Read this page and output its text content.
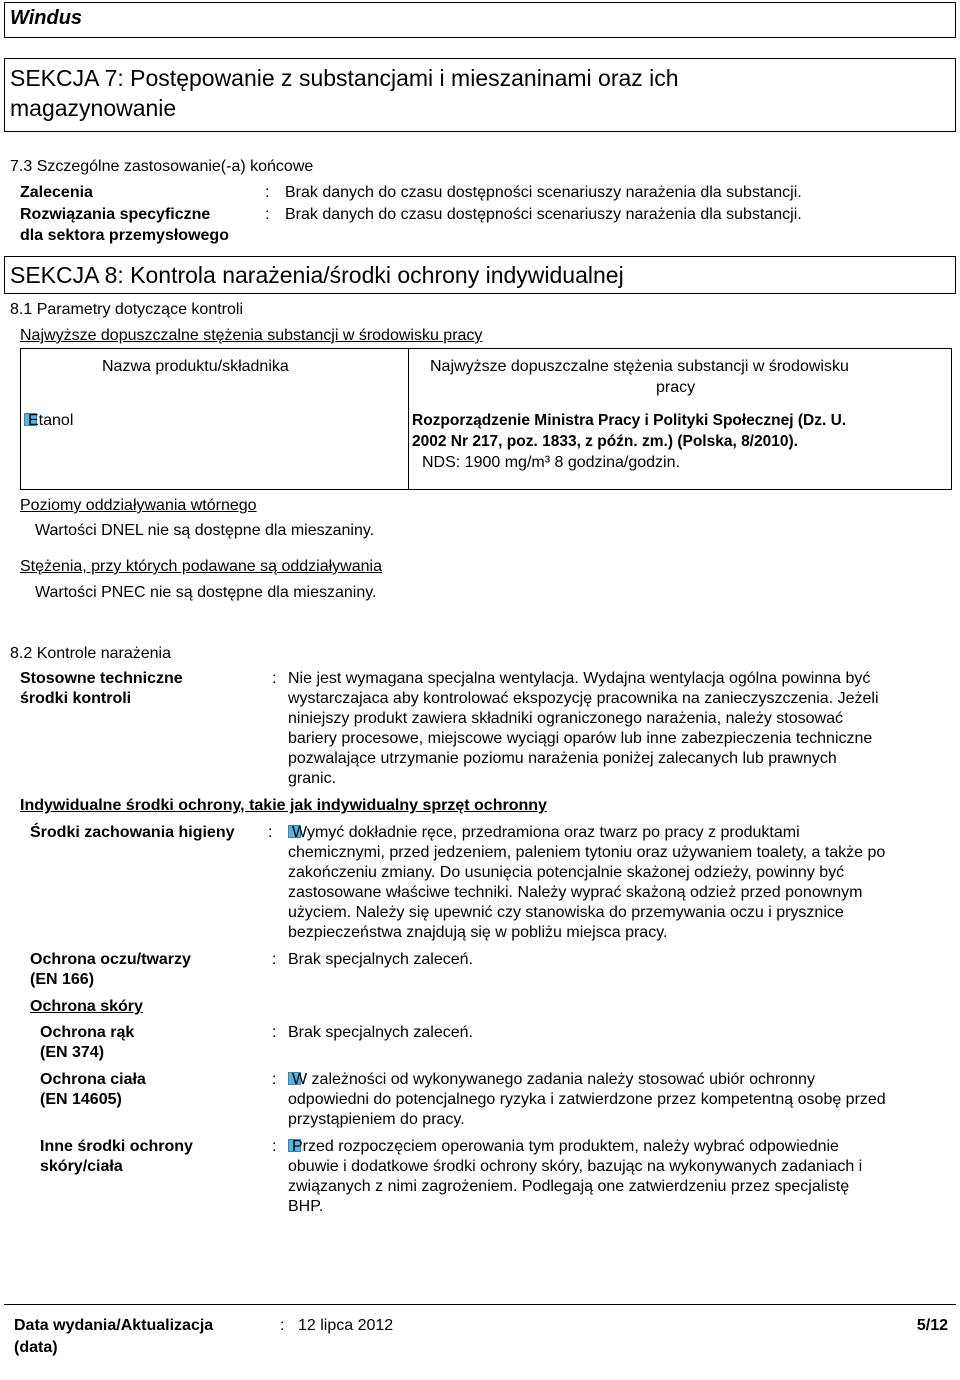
Windus
SEKCJA 7: Postępowanie z substancjami i mieszaninami oraz ich
magazynowanie
7.3 Szczególne zastosowanie(-a) końcowe
Zalecenia	: Brak danych do czasu dostępności scenariuszy narażenia dla substancji.
Rozwiązania specyficzne
dla sektora przemysłowego
: Brak danych do czasu dostępności scenariuszy narażenia dla substancji.
SEKCJA 8: Kontrola narażenia/środki ochrony indywidualnej
8.1 Parametry dotyczące kontroli
Najwyższe dopuszczalne stężenia substancji w środowisku pracy
Nazwa produktu/składnika	Najwyższe dopuszczalne stężenia substancji w środowisku
pracy
Etanol	Rozporządzenie Ministra Pracy i Polityki Społecznej (Dz. U.
2002 Nr 217, poz. 1833, z późn. zm.) (Polska, 8/2010).
NDS: 1900 mg/m³ 8 godzina/godzin.
Poziomy oddziaływania wtórnego
Wartości DNEL nie są dostępne dla mieszaniny.
Stężenia, przy których podawane są oddziaływania
Wartości PNEC nie są dostępne dla mieszaniny.
8.2 Kontrole narażenia
Stosowne techniczne
środki kontroli
: Nie jest wymagana specjalna wentylacja. Wydajna wentylacja ogólna powinna być
wystarczajaca aby kontrolować ekspozycję pracownika na zanieczyszczenia. Jeżeli
niniejszy produkt zawiera składniki ograniczonego narażenia, należy stosować
bariery procesowe, miejscowe wyciągi oparów lub inne zabezpieczenia techniczne
pozwalające utrzymanie poziomu narażenia poniżej zalecanych lub prawnych
granic.
Indywidualne środki ochrony, takie jak indywidualny sprzęt ochronny
Środki zachowania higieny : Wymyć dokładnie ręce, przedramiona oraz twarz po pracy z produktami
chemicznymi, przed jedzeniem, paleniem tytoniu oraz używaniem toalety, a także po
zakończeniu zmiany. Do usunięcia potencjalnie skażonej odzieży, powinny być
zastosowane właściwe techniki. Należy wyprać skażoną odzież przed ponownym
użyciem. Należy się upewnić czy stanowiska do przemywania oczu i prysznice
bezpieczeństwa znajdują się w pobliżu miejsca pracy.
Ochrona oczu/twarzy
(EN 166)
: Brak specjalnych zaleceń.
Ochrona skóry
Ochrona rąk
(EN 374)
: Brak specjalnych zaleceń.
Ochrona ciała
(EN 14605)
: W zależności od wykonywanego zadania należy stosować ubiór ochronny
odpowiedni do potencjalnego ryzyka i zatwierdzone przez kompetentną osobę przed
przystąpieniem do pracy.
Inne środki ochrony
skóry/ciała
: Przed rozpoczęciem operowania tym produktem, należy wybrać odpowiednie
obuwie i dodatkowe środki ochrony skóry, bazując na wykonywanych zadaniach i
związanych z nimi zagrożeniem. Podlegają one zatwierdzeniu przez specjalistę
BHP.
Data wydania/Aktualizacja
(data)
: 12 lipca 2012	5/12
